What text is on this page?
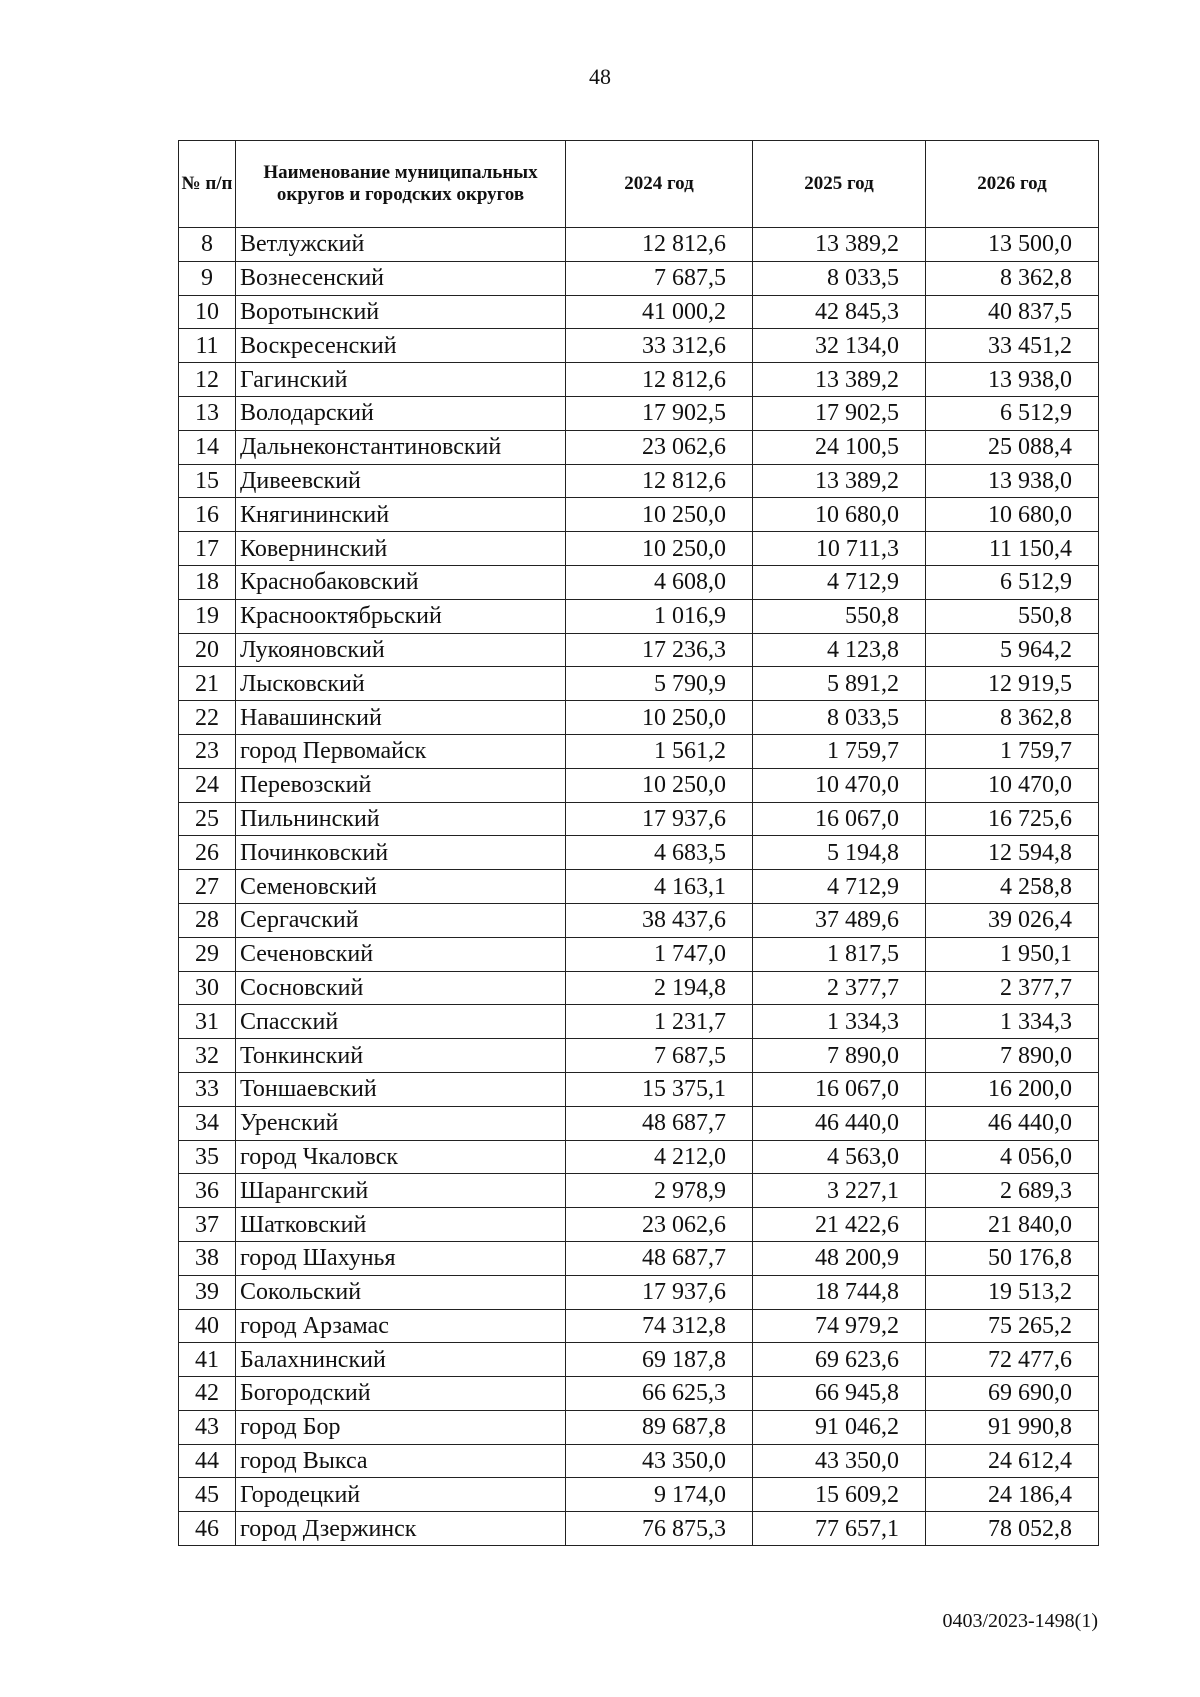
48
№ п/п	Наименование муниципальных округов и городских округов	2024 год	2025 год	2026 год
8	Ветлужский	12 812,6	13 389,2	13 500,0
9	Вознесенский	7 687,5	8 033,5	8 362,8
10	Воротынский	41 000,2	42 845,3	40 837,5
11	Воскресенский	33 312,6	32 134,0	33 451,2
12	Гагинский	12 812,6	13 389,2	13 938,0
13	Володарский	17 902,5	17 902,5	6 512,9
14	Дальнеконстантиновский	23 062,6	24 100,5	25 088,4
15	Дивеевский	12 812,6	13 389,2	13 938,0
16	Княгининский	10 250,0	10 680,0	10 680,0
17	Ковернинский	10 250,0	10 711,3	11 150,4
18	Краснобаковский	4 608,0	4 712,9	6 512,9
19	Краснооктябрьский	1 016,9	550,8	550,8
20	Лукояновский	17 236,3	4 123,8	5 964,2
21	Лысковский	5 790,9	5 891,2	12 919,5
22	Навашинский	10 250,0	8 033,5	8 362,8
23	город Первомайск	1 561,2	1 759,7	1 759,7
24	Перевозский	10 250,0	10 470,0	10 470,0
25	Пильнинский	17 937,6	16 067,0	16 725,6
26	Починковский	4 683,5	5 194,8	12 594,8
27	Семеновский	4 163,1	4 712,9	4 258,8
28	Сергачский	38 437,6	37 489,6	39 026,4
29	Сеченовский	1 747,0	1 817,5	1 950,1
30	Сосновский	2 194,8	2 377,7	2 377,7
31	Спасский	1 231,7	1 334,3	1 334,3
32	Тонкинский	7 687,5	7 890,0	7 890,0
33	Тоншаевский	15 375,1	16 067,0	16 200,0
34	Уренский	48 687,7	46 440,0	46 440,0
35	город Чкаловск	4 212,0	4 563,0	4 056,0
36	Шарангский	2 978,9	3 227,1	2 689,3
37	Шатковский	23 062,6	21 422,6	21 840,0
38	город Шахунья	48 687,7	48 200,9	50 176,8
39	Сокольский	17 937,6	18 744,8	19 513,2
40	город Арзамас	74 312,8	74 979,2	75 265,2
41	Балахнинский	69 187,8	69 623,6	72 477,6
42	Богородский	66 625,3	66 945,8	69 690,0
43	город Бор	89 687,8	91 046,2	91 990,8
44	город Выкса	43 350,0	43 350,0	24 612,4
45	Городецкий	9 174,0	15 609,2	24 186,4
46	город Дзержинск	76 875,3	77 657,1	78 052,8
0403/2023-1498(1)
